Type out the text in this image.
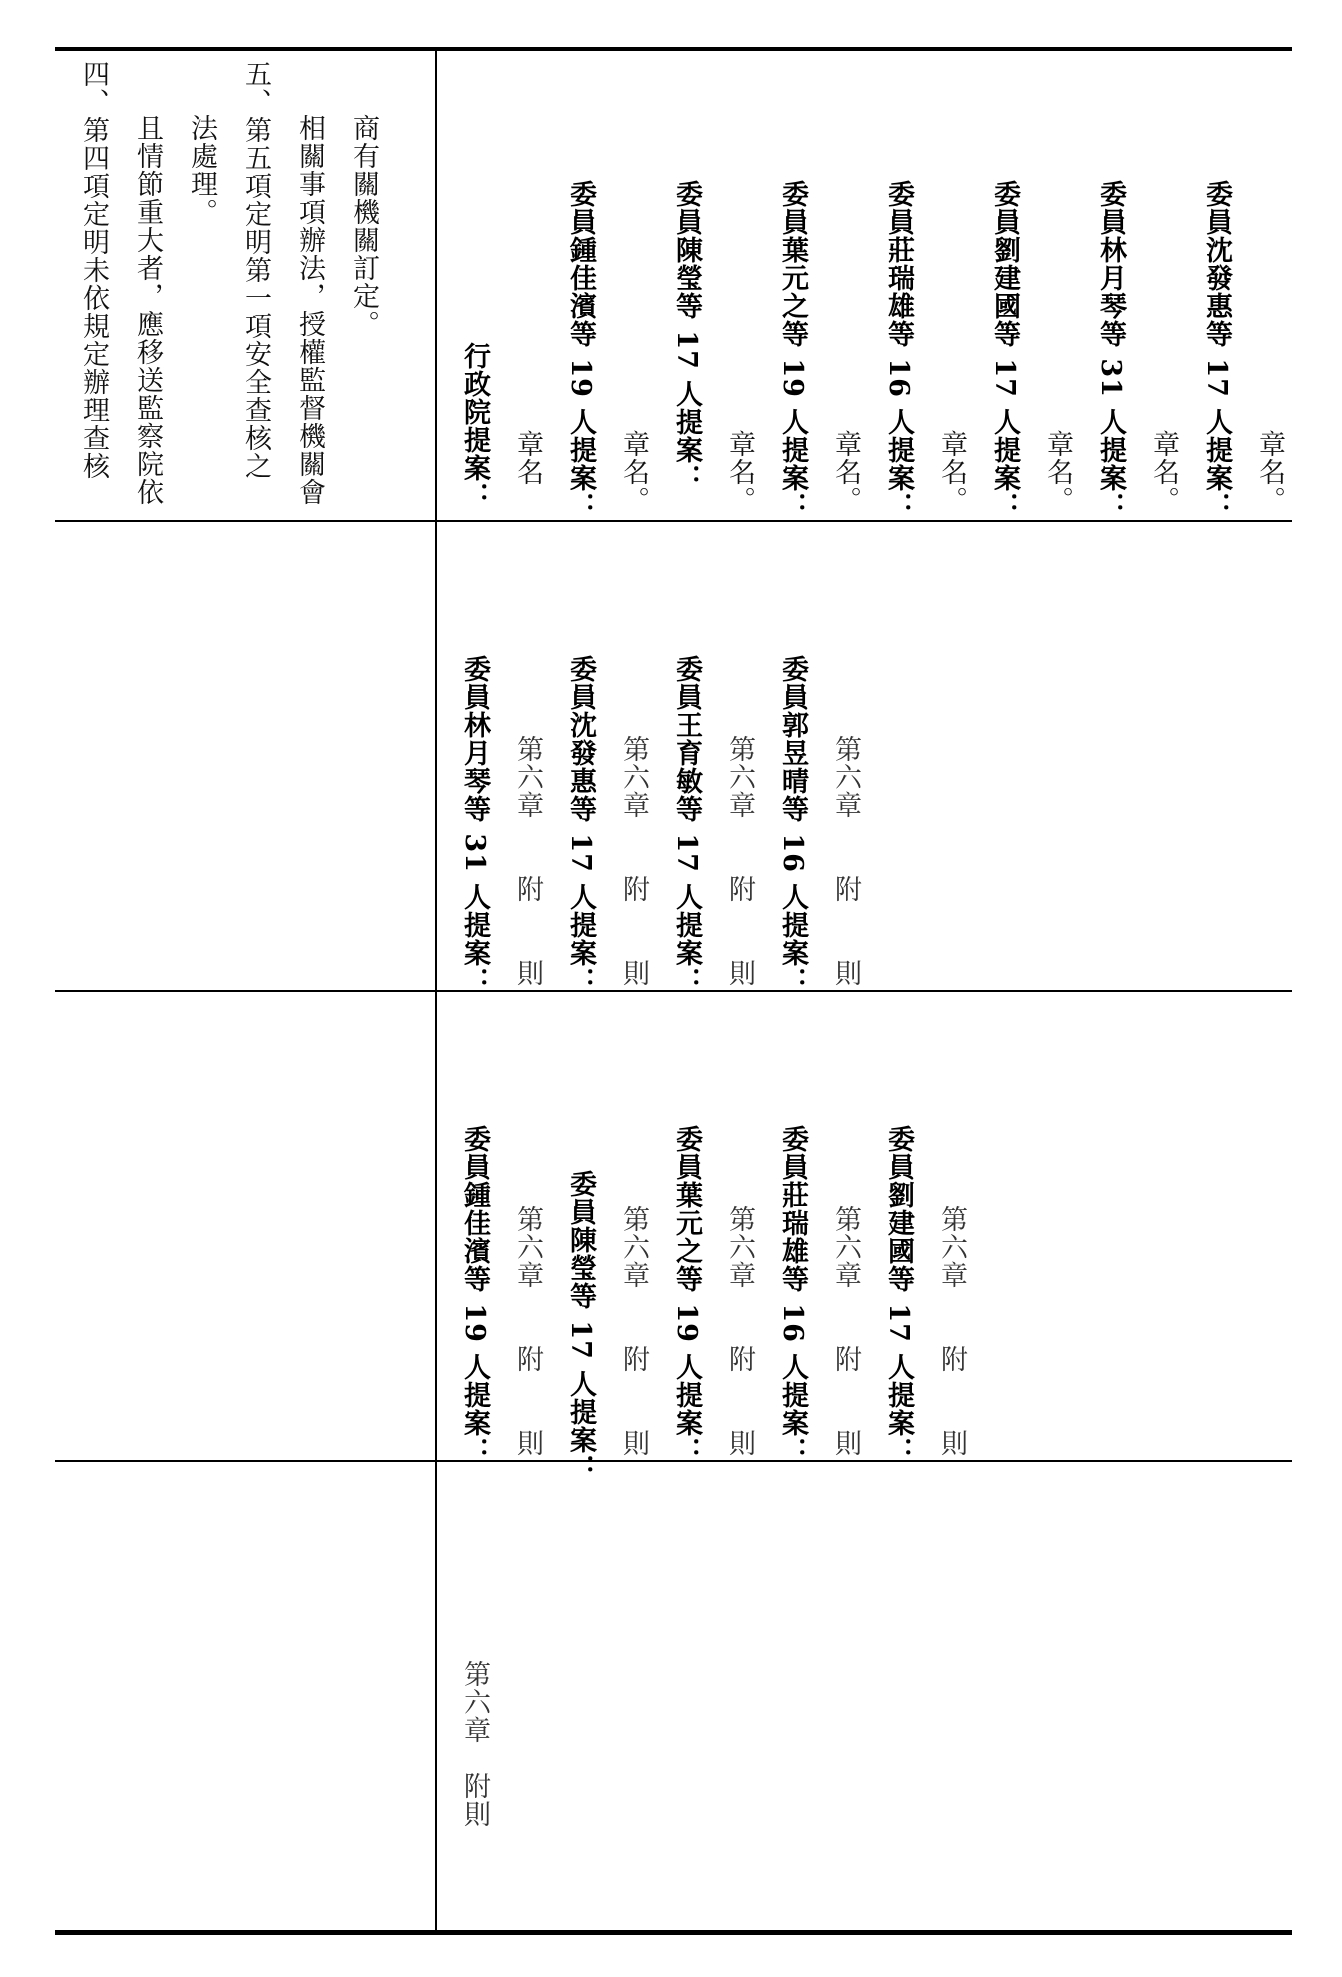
四、第四項定明未依規定辦理查核 且情節重大者，應移送監察院依 法處理。 五、第五項定明第一項安全查核之 相關事項辦法，授權監督機關會 商有關機關訂定。
行政院提案： 章名 委員鍾佳濱等 19 人提案： 章名。 委員陳瑩等 17 人提案： 章名。 委員葉元之等 19 人提案： 章名。 委員莊瑞雄等 16 人提案： 章名。 委員劉建國等 17 人提案： 章名。 委員林月琴等 31 人提案： 章名。 委員沈發惠等 17 人提案： 章名。
委員林月琴等 31 人提案： 第六章　　附　　則 委員沈發惠等 17 人提案： 第六章　　附　　則 委員王育敏等 17 人提案： 第六章　　附　　則 委員郭昱晴等 16 人提案： 第六章　　附　　則
委員鍾佳濱等 19 人提案： 第六章　　附　　則 委員陳瑩等 17 人提案： 第六章　　附　　則 委員葉元之等 19 人提案： 第六章　　附　　則 委員莊瑞雄等 16 人提案： 第六章　　附　　則 委員劉建國等 17 人提案： 第六章　　附　　則
第六章　附則
